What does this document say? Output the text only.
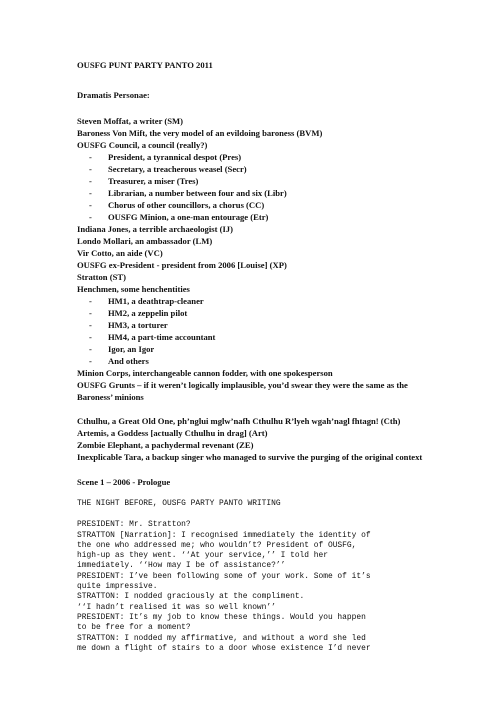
OUSFG PUNT PARTY PANTO 2011

Dramatis Personae:

Steven Moffat, a writer (SM)

Baroness Von Mift, the very model of an evildoing baroness (BVM)

OUSFG Council, a council (really?)

- President, a tyrannical despot (Pres)

- Secretary, a treacherous weasel (Secr)

- Treasurer, a miser (Tres)

- Librarian, a number between four and six (Libr)

- Chorus of other councillors, a chorus (CC)

- OUSFG Minion, a one-man entourage (Etr)

Indiana Jones, a terrible archaeologist (IJ)

Londo Mollari, an ambassador (LM)

Vir Cotto, an aide (VC)

OUSFG ex-President - president from 2006 [Louise] (XP)

Stratton (ST)

Henchmen, some henchentities

- HM1, a deathtrap-cleaner

- HM2, a zeppelin pilot

- HM3, a torturer

- HM4, a part-time accountant

- Igor, an Igor

- And others

Minion Corps, interchangeable cannon fodder, with one spokesperson

OUSFG Grunts – if it weren’t logically implausible, you’d swear they were the same as the Baroness’ minions

Cthulhu, a Great Old One, ph’nglui mglw’nafh Cthulhu R’lyeh wgah’nagl fhtagn! (Cth)

Artemis, a Goddess [actually Cthulhu in drag] (Art)

Zombie Elephant, a pachydermal revenant (ZE)

Inexplicable Tara, a backup singer who managed to survive the purging of the original context

Scene 1 – 2006 - Prologue

THE NIGHT BEFORE, OUSFG PARTY PANTO WRITING

PRESIDENT: Mr. Stratton?

STRATTON [Narration]: I recognised immediately the identity of

the one who addressed me; who wouldn’t? President of OUSFG,

high-up as they went. ‘‘At your service,’’ I told her

immediately. ‘‘How may I be of assistance?’’

PRESIDENT: I’ve been following some of your work. Some of it’s

quite impressive.

STRATTON: I nodded graciously at the compliment.

‘‘I hadn’t realised it was so well known’’

PRESIDENT: It’s my job to know these things. Would you happen

to be free for a moment?

STRATTON: I nodded my affirmative, and without a word she led

me down a flight of stairs to a door whose existence I’d never
